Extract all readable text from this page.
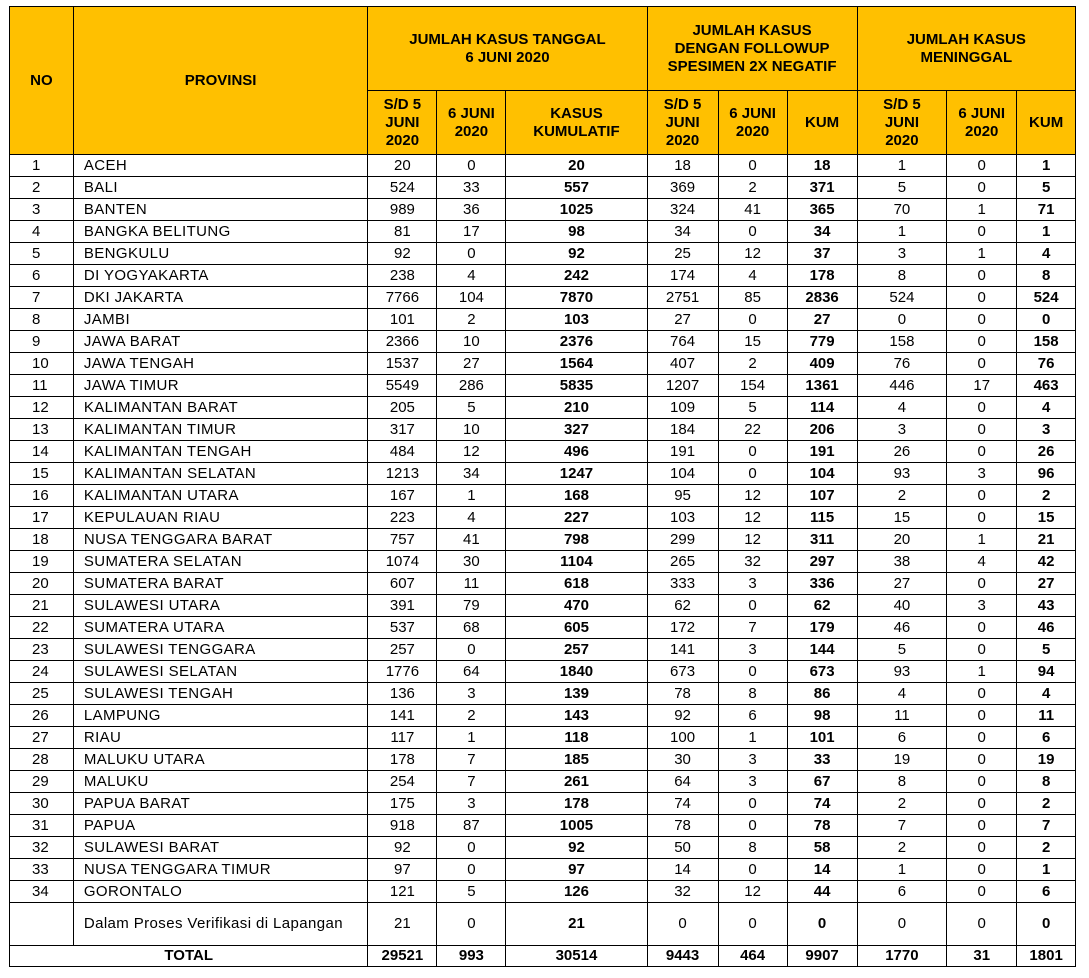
NO	PROVINSI	JUMLAH KASUS TANGGAL 6 JUNI 2020			JUMLAH KASUS DENGAN FOLLOWUP SPESIMEN 2X NEGATIF			JUMLAH KASUS MENINGGAL		
		S/D 5 JUNI 2020	6 JUNI 2020	KASUS KUMULATIF	S/D 5 JUNI 2020	6 JUNI 2020	KUM	S/D 5 JUNI 2020	6 JUNI 2020	KUM
1	ACEH	20	0	20	18	0	18	1	0	1
2	BALI	524	33	557	369	2	371	5	0	5
3	BANTEN	989	36	1025	324	41	365	70	1	71
4	BANGKA BELITUNG	81	17	98	34	0	34	1	0	1
5	BENGKULU	92	0	92	25	12	37	3	1	4
6	DI YOGYAKARTA	238	4	242	174	4	178	8	0	8
7	DKI JAKARTA	7766	104	7870	2751	85	2836	524	0	524
8	JAMBI	101	2	103	27	0	27	0	0	0
9	JAWA BARAT	2366	10	2376	764	15	779	158	0	158
10	JAWA TENGAH	1537	27	1564	407	2	409	76	0	76
11	JAWA TIMUR	5549	286	5835	1207	154	1361	446	17	463
12	KALIMANTAN BARAT	205	5	210	109	5	114	4	0	4
13	KALIMANTAN TIMUR	317	10	327	184	22	206	3	0	3
14	KALIMANTAN TENGAH	484	12	496	191	0	191	26	0	26
15	KALIMANTAN SELATAN	1213	34	1247	104	0	104	93	3	96
16	KALIMANTAN UTARA	167	1	168	95	12	107	2	0	2
17	KEPULAUAN RIAU	223	4	227	103	12	115	15	0	15
18	NUSA TENGGARA BARAT	757	41	798	299	12	311	20	1	21
19	SUMATERA SELATAN	1074	30	1104	265	32	297	38	4	42
20	SUMATERA BARAT	607	11	618	333	3	336	27	0	27
21	SULAWESI UTARA	391	79	470	62	0	62	40	3	43
22	SUMATERA UTARA	537	68	605	172	7	179	46	0	46
23	SULAWESI TENGGARA	257	0	257	141	3	144	5	0	5
24	SULAWESI SELATAN	1776	64	1840	673	0	673	93	1	94
25	SULAWESI TENGAH	136	3	139	78	8	86	4	0	4
26	LAMPUNG	141	2	143	92	6	98	11	0	11
27	RIAU	117	1	118	100	1	101	6	0	6
28	MALUKU UTARA	178	7	185	30	3	33	19	0	19
29	MALUKU	254	7	261	64	3	67	8	0	8
30	PAPUA BARAT	175	3	178	74	0	74	2	0	2
31	PAPUA	918	87	1005	78	0	78	7	0	7
32	SULAWESI BARAT	92	0	92	50	8	58	2	0	2
33	NUSA TENGGARA TIMUR	97	0	97	14	0	14	1	0	1
34	GORONTALO	121	5	126	32	12	44	6	0	6
	Dalam Proses Verifikasi di Lapangan	21	0	21	0	0	0	0	0	0
TOTAL		29521	993	30514	9443	464	9907	1770	31	1801
